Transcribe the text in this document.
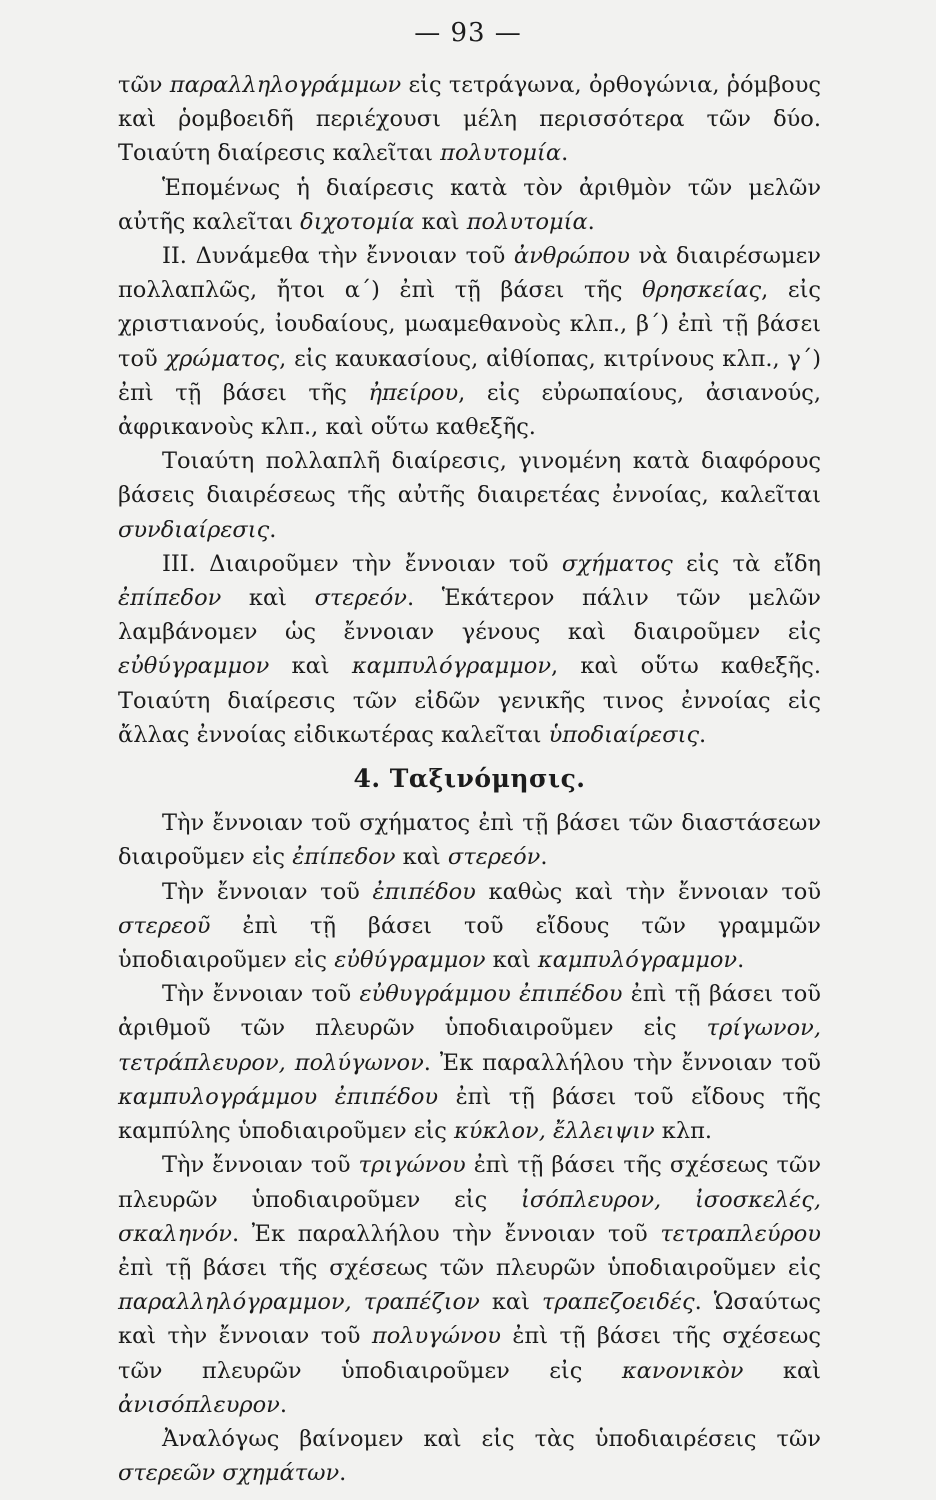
— 93 —

τῶν παραλληλογράμμων εἰς τετράγωνα, ὀρθογώνια, ῥόμβους καὶ ῥομβοειδῆ περιέχουσι μέλη περισσότερα τῶν δύο. Τοιαύτη διαίρεσις καλεῖται πολυτομία.

Ἑπομένως ἡ διαίρεσις κατὰ τὸν ἀριθμὸν τῶν μελῶν αὐτῆς καλεῖται διχοτομία καὶ πολυτομία.

ΙΙ. Δυνάμεθα τὴν ἔννοιαν τοῦ ἀνθρώπου νὰ διαιρέσωμεν πολλαπλῶς, ἤτοι α΄) ἐπὶ τῇ βάσει τῆς θρησκείας, εἰς χριστιανούς, ἰουδαίους, μωαμεθανοὺς κλπ., β΄) ἐπὶ τῇ βάσει τοῦ χρώματος, εἰς καυκασίους, αἰθίοπας, κιτρίνους κλπ., γ΄) ἐπὶ τῇ βάσει τῆς ἠπείρου, εἰς εὐρωπαίους, ἀσιανούς, ἀφρικανοὺς κλπ., καὶ οὕτω καθεξῆς.

Τοιαύτη πολλαπλῆ διαίρεσις, γινομένη κατὰ διαφόρους βάσεις διαιρέσεως τῆς αὐτῆς διαιρετέας ἐννοίας, καλεῖται συνδιαίρεσις.

ΙΙΙ. Διαιροῦμεν τὴν ἔννοιαν τοῦ σχήματος εἰς τὰ εἴδη ἐπίπεδον καὶ στερεόν. Ἑκάτερον πάλιν τῶν μελῶν λαμβάνομεν ὡς ἔννοιαν γένους καὶ διαιροῦμεν εἰς εὐθύγραμμον καὶ καμπυλόγραμμον, καὶ οὕτω καθεξῆς. Τοιαύτη διαίρεσις τῶν εἰδῶν γενικῆς τινος ἐννοίας εἰς ἄλλας ἐννοίας εἰδικωτέρας καλεῖται ὑποδιαίρεσις.

4. Ταξινόμησις.

Τὴν ἔννοιαν τοῦ σχήματος ἐπὶ τῇ βάσει τῶν διαστάσεων διαιροῦμεν εἰς ἐπίπεδον καὶ στερεόν.

Τὴν ἔννοιαν τοῦ ἐπιπέδου καθὼς καὶ τὴν ἔννοιαν τοῦ στερεοῦ ἐπὶ τῇ βάσει τοῦ εἴδους τῶν γραμμῶν ὑποδιαιροῦμεν εἰς εὐθύγραμμον καὶ καμπυλόγραμμον.

Τὴν ἔννοιαν τοῦ εὐθυγράμμου ἐπιπέδου ἐπὶ τῇ βάσει τοῦ ἀριθμοῦ τῶν πλευρῶν ὑποδιαιροῦμεν εἰς τρίγωνον, τετράπλευρον, πολύγωνον. Ἐκ παραλλήλου τὴν ἔννοιαν τοῦ καμπυλογράμμου ἐπιπέδου ἐπὶ τῇ βάσει τοῦ εἴδους τῆς καμπύλης ὑποδιαιροῦμεν εἰς κύκλον, ἔλλειψιν κλπ.

Τὴν ἔννοιαν τοῦ τριγώνου ἐπὶ τῇ βάσει τῆς σχέσεως τῶν πλευρῶν ὑποδιαιροῦμεν εἰς ἰσόπλευρον, ἰσοσκελές, σκαληνόν. Ἐκ παραλλήλου τὴν ἔννοιαν τοῦ τετραπλεύρου ἐπὶ τῇ βάσει τῆς σχέσεως τῶν πλευρῶν ὑποδιαιροῦμεν εἰς παραλληλόγραμμον, τραπέζιον καὶ τραπεζοειδές. Ὡσαύτως καὶ τὴν ἔννοιαν τοῦ πολυγώνου ἐπὶ τῇ βάσει τῆς σχέσεως τῶν πλευρῶν ὑποδιαιροῦμεν εἰς κανονικὸν καὶ ἀνισόπλευρον.

Ἀναλόγως βαίνομεν καὶ εἰς τὰς ὑποδιαιρέσεις τῶν στερεῶν σχημάτων.
